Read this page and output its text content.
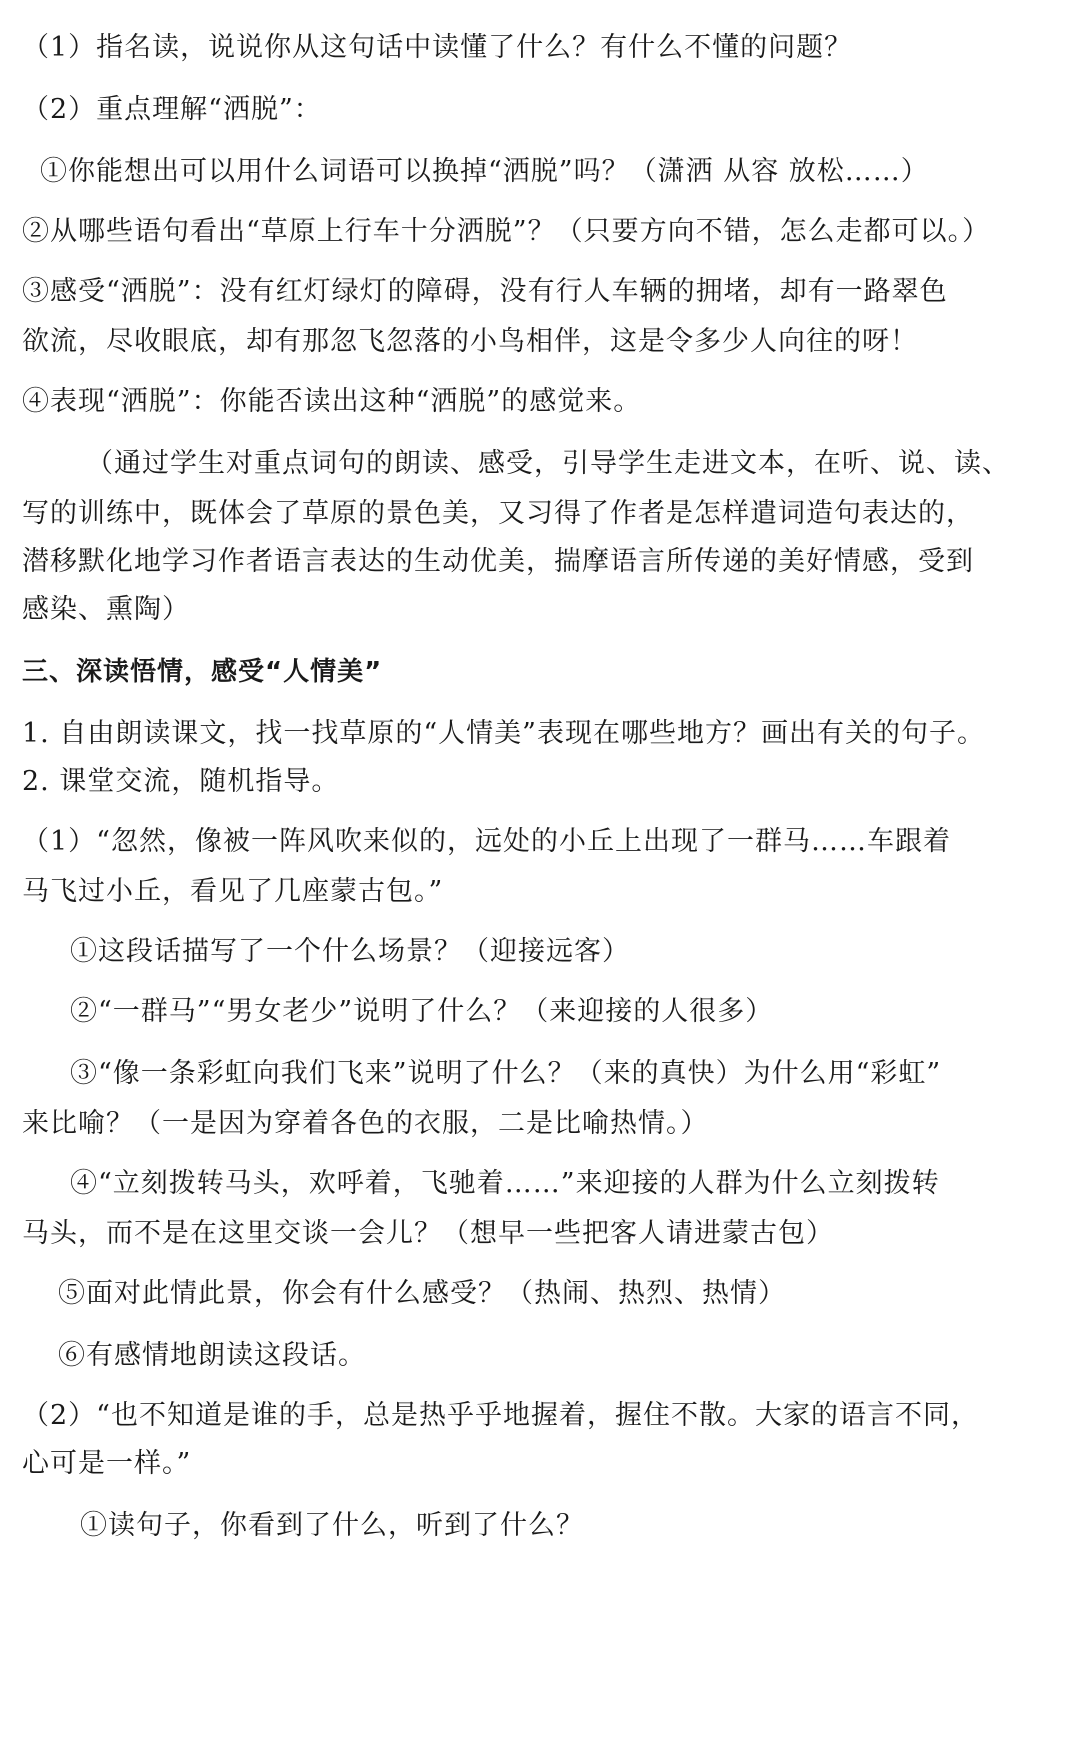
（1）指名读，说说你从这句话中读懂了什么？有什么不懂的问题？
（2）重点理解“洒脱”：
①你能想出可以用什么词语可以换掉“洒脱”吗？（潇洒 从容 放松……）
②从哪些语句看出“草原上行车十分洒脱”？（只要方向不错，怎么走都可以。）
③感受“洒脱”：没有红灯绿灯的障碍，没有行人车辆的拥堵，却有一路翠色
欲流，尽收眼底，却有那忽飞忽落的小鸟相伴，这是令多少人向往的呀！
④表现“洒脱”：你能否读出这种“洒脱”的感觉来。
（通过学生对重点词句的朗读、感受，引导学生走进文本，在听、说、读、
写的训练中，既体会了草原的景色美，又习得了作者是怎样遣词造句表达的，
潜移默化地学习作者语言表达的生动优美，揣摩语言所传递的美好情感，受到
感染、熏陶）
三、深读悟情，感受“人情美”
1. 自由朗读课文，找一找草原的“人情美”表现在哪些地方？画出有关的句子。
2. 课堂交流，随机指导。
（1）“忽然，像被一阵风吹来似的，远处的小丘上出现了一群马……车跟着
马飞过小丘，看见了几座蒙古包。”
①这段话描写了一个什么场景？（迎接远客）
②“一群马”“男女老少”说明了什么？（来迎接的人很多）
③“像一条彩虹向我们飞来”说明了什么？（来的真快）为什么用“彩虹”
来比喻？（一是因为穿着各色的衣服，二是比喻热情。）
④“立刻拨转马头，欢呼着，飞驰着……”来迎接的人群为什么立刻拨转
马头，而不是在这里交谈一会儿？（想早一些把客人请进蒙古包）
⑤面对此情此景，你会有什么感受？（热闹、热烈、热情）
⑥有感情地朗读这段话。
（2）“也不知道是谁的手，总是热乎乎地握着，握住不散。大家的语言不同，
心可是一样。”
①读句子，你看到了什么，听到了什么？
